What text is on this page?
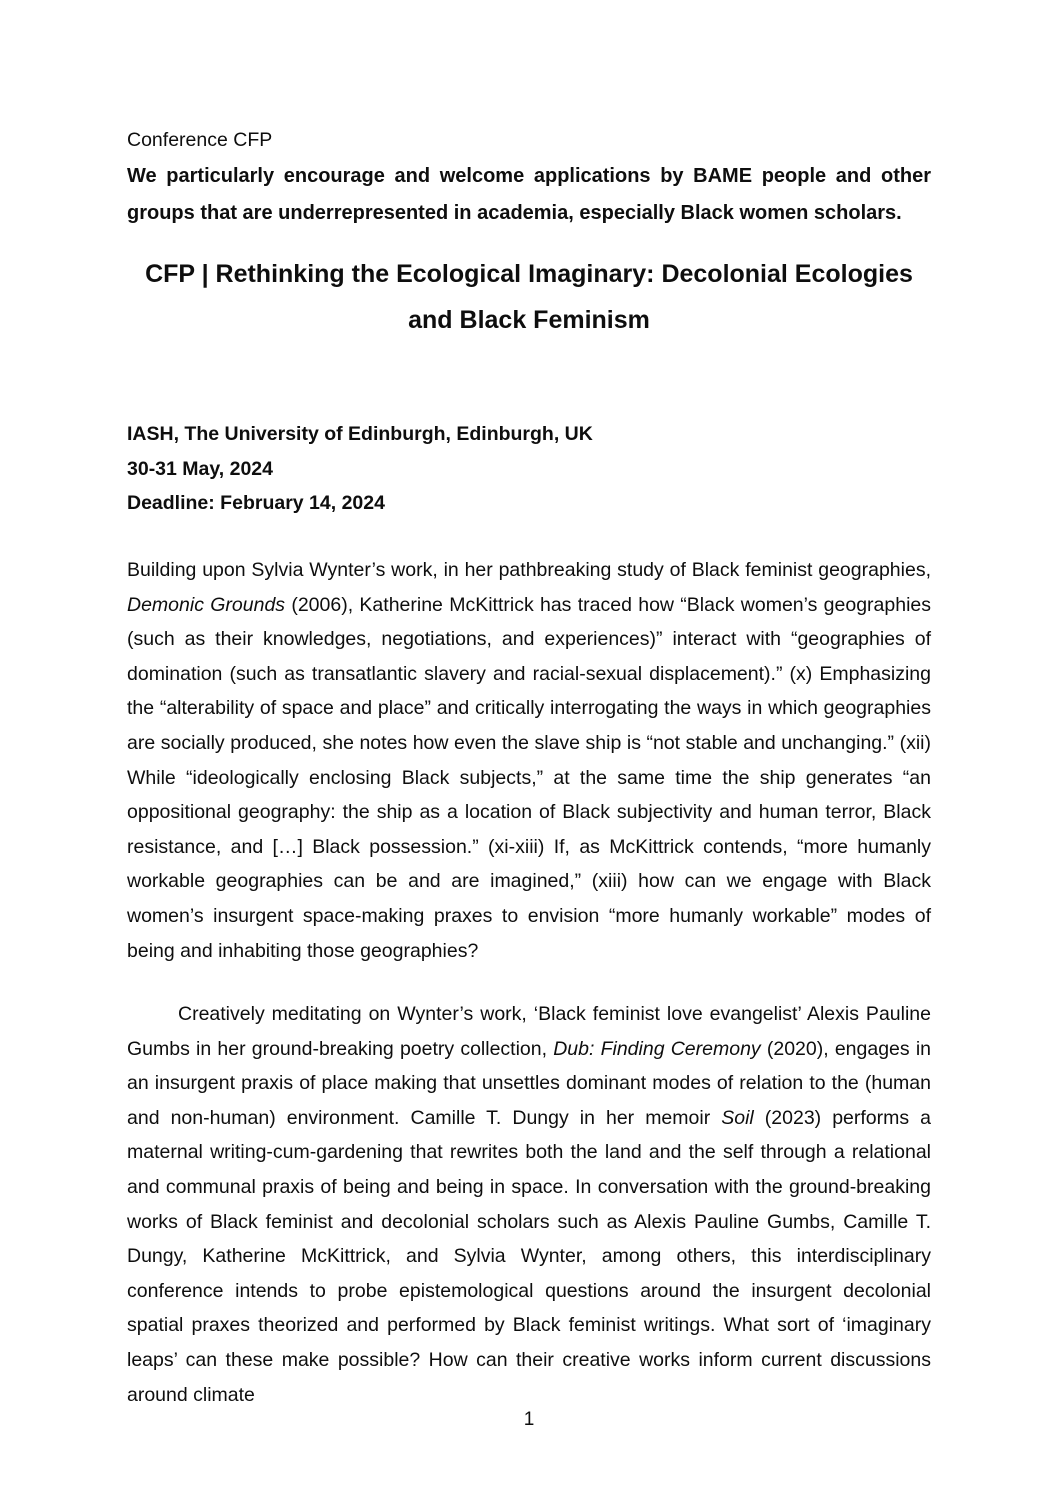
Conference CFP

We particularly encourage and welcome applications by BAME people and other groups that are underrepresented in academia, especially Black women scholars.

CFP | Rethinking the Ecological Imaginary: Decolonial Ecologies and Black Feminism
IASH, The University of Edinburgh, Edinburgh, UK
30-31 May, 2024
Deadline: February 14, 2024

Building upon Sylvia Wynter’s work, in her pathbreaking study of Black feminist geographies, Demonic Grounds (2006), Katherine McKittrick has traced how “Black women’s geographies (such as their knowledges, negotiations, and experiences)” interact with “geographies of domination (such as transatlantic slavery and racial-sexual displacement).” (x) Emphasizing the “alterability of space and place” and critically interrogating the ways in which geographies are socially produced, she notes how even the slave ship is “not stable and unchanging.” (xii) While “ideologically enclosing Black subjects,” at the same time the ship generates “an oppositional geography: the ship as a location of Black subjectivity and human terror, Black resistance, and […] Black possession.” (xi-xiii) If, as McKittrick contends, “more humanly workable geographies can be and are imagined,” (xiii) how can we engage with Black women’s insurgent space-making praxes to envision “more humanly workable” modes of being and inhabiting those geographies?

Creatively meditating on Wynter’s work, ‘Black feminist love evangelist’ Alexis Pauline Gumbs in her ground-breaking poetry collection, Dub: Finding Ceremony (2020), engages in an insurgent praxis of place making that unsettles dominant modes of relation to the (human and non-human) environment. Camille T. Dungy in her memoir Soil (2023) performs a maternal writing-cum-gardening that rewrites both the land and the self through a relational and communal praxis of being and being in space. In conversation with the ground-breaking works of Black feminist and decolonial scholars such as Alexis Pauline Gumbs, Camille T. Dungy, Katherine McKittrick, and Sylvia Wynter, among others, this interdisciplinary conference intends to probe epistemological questions around the insurgent decolonial spatial praxes theorized and performed by Black feminist writings. What sort of ‘imaginary leaps’ can these make possible? How can their creative works inform current discussions around climate

1
